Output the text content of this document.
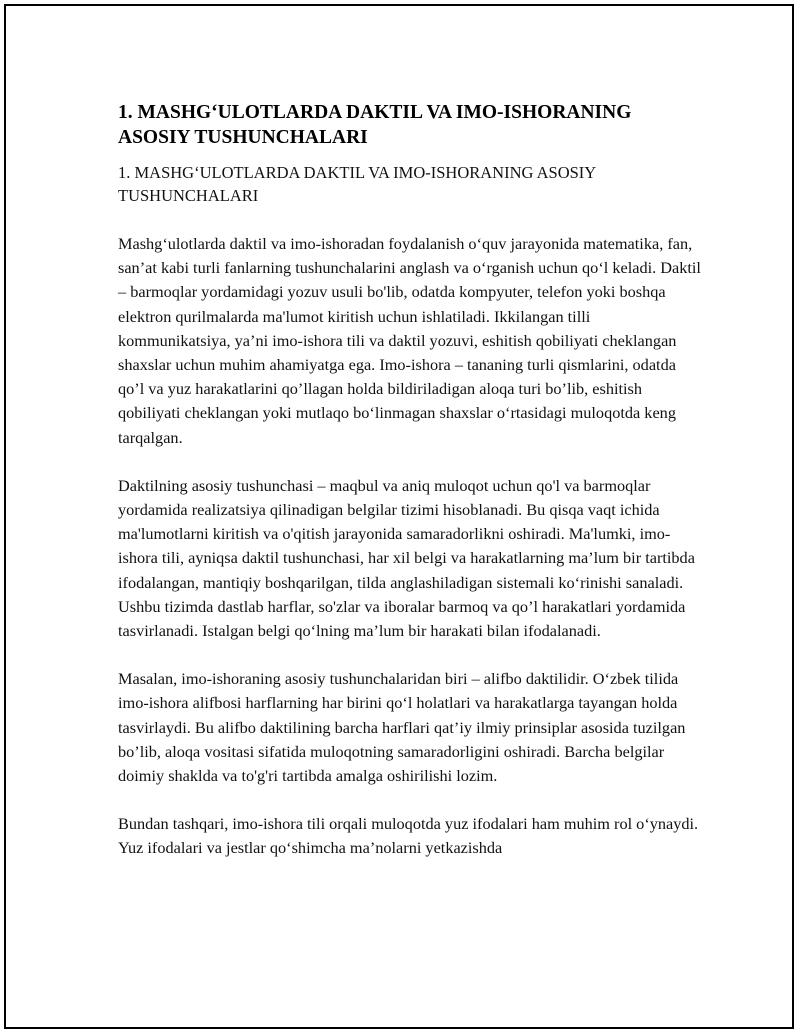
1. MASHG‘ULOTLARDA DAKTIL VA IMO-ISHORANING ASOSIY TUSHUNCHALARI

1. MASHG‘ULOTLARDA DAKTIL VA IMO-ISHORANING ASOSIY TUSHUNCHALARI

Mashg‘ulotlarda daktil va imo-ishoradan foydalanish o‘quv jarayonida matematika, fan, san’at kabi turli fanlarning tushunchalarini anglash va o‘rganish uchun qo‘l keladi. Daktil – barmoqlar yordamidagi yozuv usuli bo'lib, odatda kompyuter, telefon yoki boshqa elektron qurilmalarda ma'lumot kiritish uchun ishlatiladi. Ikkilangan tilli kommunikatsiya, ya’ni imo-ishora tili va daktil yozuvi, eshitish qobiliyati cheklangan shaxslar uchun muhim ahamiyatga ega. Imo-ishora – tananing turli qismlarini, odatda qo’l va yuz harakatlarini qo’llagan holda bildiriladigan aloqa turi bo’lib, eshitish qobiliyati cheklangan yoki mutlaqo bo‘linmagan shaxslar o‘rtasidagi muloqotda keng tarqalgan.

Daktilning asosiy tushunchasi – maqbul va aniq muloqot uchun qo'l va barmoqlar yordamida realizatsiya qilinadigan belgilar tizimi hisoblanadi. Bu qisqa vaqt ichida ma'lumotlarni kiritish va o'qitish jarayonida samaradorlikni oshiradi. Ma'lumki, imo-ishora tili, ayniqsa daktil tushunchasi, har xil belgi va harakatlarning ma’lum bir tartibda ifodalangan, mantiqiy boshqarilgan, tilda anglashiladigan sistemali ko‘rinishi sanaladi. Ushbu tizimda dastlab harflar, so'zlar va iboralar barmoq va qo’l harakatlari yordamida tasvirlanadi. Istalgan belgi qo‘lning ma’lum bir harakati bilan ifodalanadi.

Masalan, imo-ishoraning asosiy tushunchalaridan biri – alifbo daktilidir. O‘zbek tilida imo-ishora alifbosi harflarning har birini qo‘l holatlari va harakatlarga tayangan holda tasvirlaydi. Bu alifbo daktilining barcha harflari qat’iy ilmiy prinsiplar asosida tuzilgan bo’lib, aloqa vositasi sifatida muloqotning samaradorligini oshiradi. Barcha belgilar doimiy shaklda va to'g'ri tartibda amalga oshirilishi lozim.

Bundan tashqari, imo-ishora tili orqali muloqotda yuz ifodalari ham muhim rol o‘ynaydi. Yuz ifodalari va jestlar qo‘shimcha ma’nolarni yetkazishda
